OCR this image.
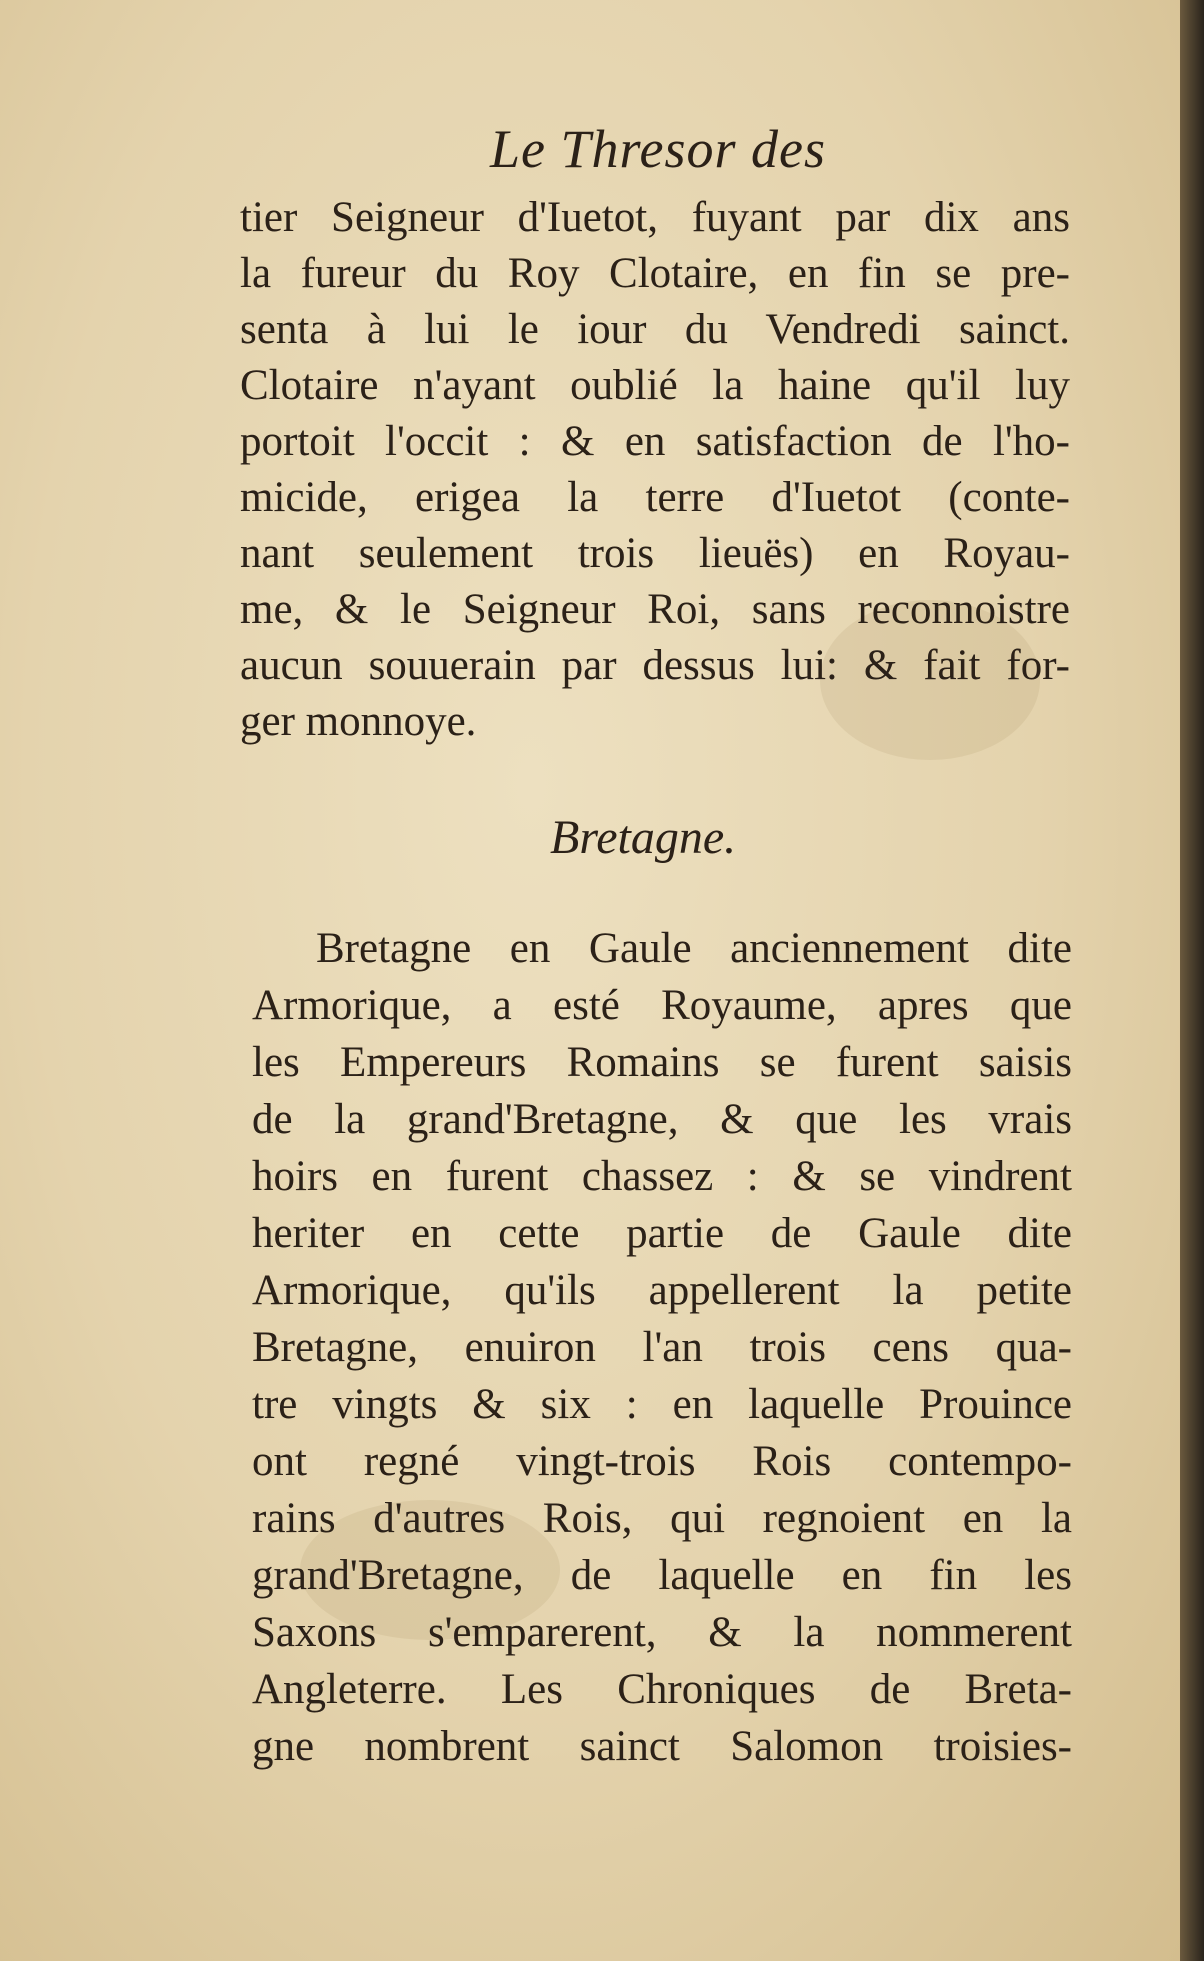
Le Thresor des
tier Seigneur d'Iuetot, fuyant par dix ans
la fureur du Roy Clotaire, en fin se pre-
senta à lui le iour du Vendredi sainct.
Clotaire n'ayant oublié la haine qu'il luy
portoit l'occit : & en satisfaction de l'ho-
micide, erigea la terre d'Iuetot (conte-
nant seulement trois lieuës) en Royau-
me, & le Seigneur Roi, sans reconnoistre
aucun souuerain par dessus lui: & fait for-
ger monnoye.
Bretagne.
Bretagne en Gaule anciennement dite
Armorique, a esté Royaume, apres que
les Empereurs Romains se furent saisis
de la grand'Bretagne, & que les vrais
hoirs en furent chassez : & se vindrent
heriter en cette partie de Gaule dite
Armorique, qu'ils appellerent la petite
Bretagne, enuiron l'an trois cens qua-
tre vingts & six : en laquelle Prouince
ont regné vingt-trois Rois contempo-
rains d'autres Rois, qui regnoient en la
grand'Bretagne, de laquelle en fin les
Saxons s'emparerent, & la nommerent
Angleterre. Les Chroniques de Breta-
gne nombrent sainct Salomon troisies-
